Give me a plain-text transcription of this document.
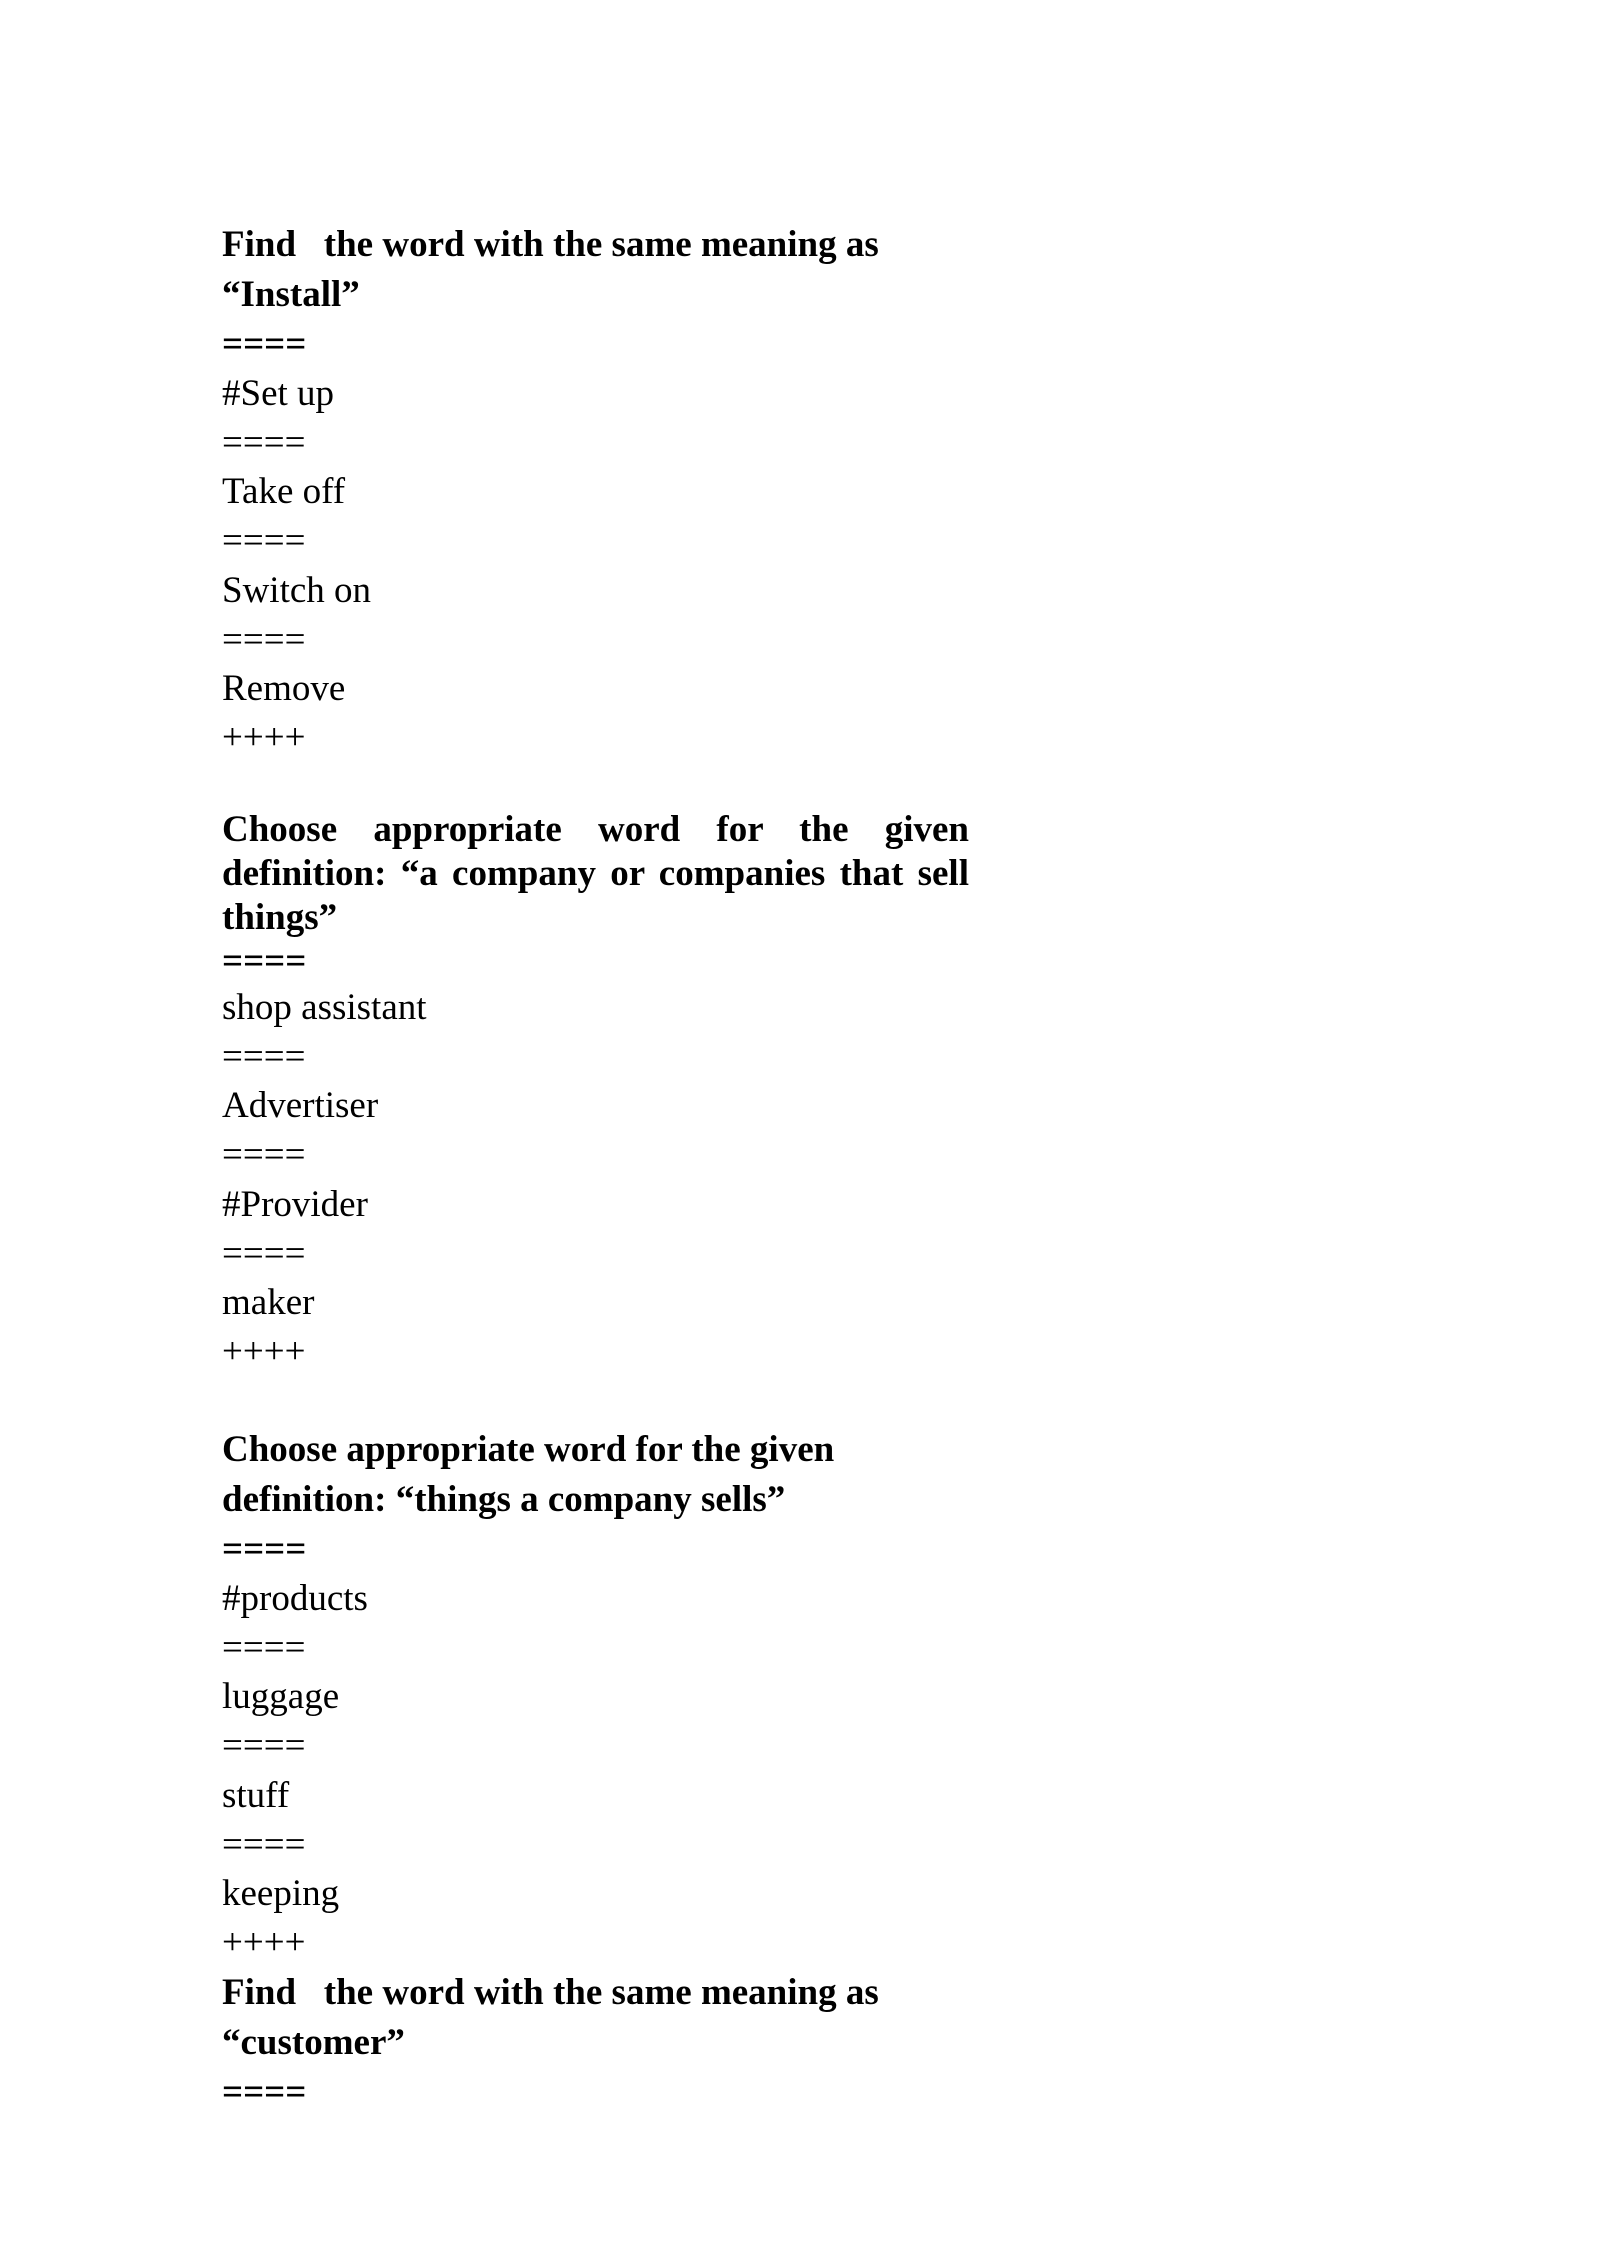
Find   the word with the same meaning as
“Install”
====
#Set up
====
Take off
====
Switch on
====
Remove
++++
Choose appropriate word for the given definition: “a company or companies that sell things”
====
shop assistant
====
Advertiser
====
#Provider
====
maker
++++
Choose appropriate word for the given
definition: “things a company sells”
====
#products
====
luggage
====
stuff
====
keeping
++++
Find   the word with the same meaning as
“customer”
====
